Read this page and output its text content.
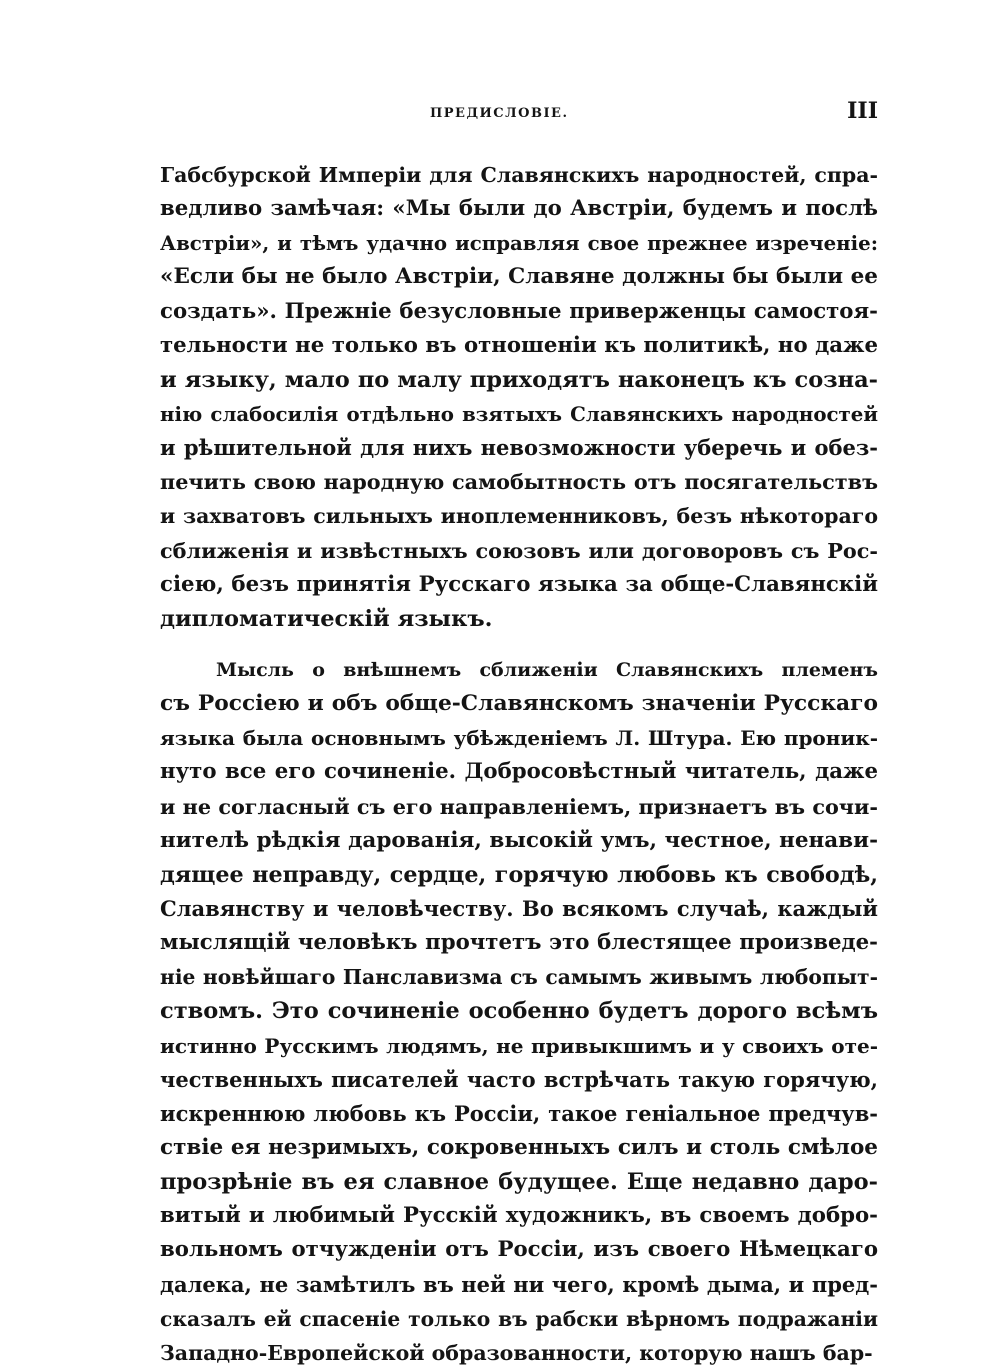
ПРЕДИСЛОВІЕ.	III
Габсбурской Имперіи для Славянскихъ народностей, спра-
ведливо замѣчая: «Мы были до Австріи, будемъ и послѣ
Австріи», и тѣмъ удачно исправляя свое прежнее изреченіе:
«Если бы не было Австріи, Славяне должны бы были ее
создать». Прежніе безусловные приверженцы самостоя-
тельности не только въ отношеніи къ политикѣ, но даже
и языку, мало по малу приходятъ наконецъ къ созна-
нію слабосилія отдѣльно взятыхъ Славянскихъ народностей
и рѣшительной для нихъ невозможности уберечь и обез-
печить свою народную самобытность отъ посягательствъ
и захватовъ сильныхъ иноплеменниковъ, безъ нѣкотораго
сближенія и извѣстныхъ союзовъ или договоровъ съ Рос-
сіею, безъ принятія Русскаго языка за обще-Славянскій
дипломатическій языкъ.
Мысль о внѣшнемъ сближеніи Славянскихъ племенъ
съ Россіею и объ обще-Славянскомъ значеніи Русскаго
языка была основнымъ убѣжденіемъ Л. Штура. Ею проник-
нуто все его сочиненіе. Добросовѣстный читатель, даже
и не согласный съ его направленіемъ, признаетъ въ сочи-
нителѣ рѣдкія дарованія, высокій умъ, честное, ненави-
дящее неправду, сердце, горячую любовь къ свободѣ,
Славянству и человѣчеству. Во всякомъ случаѣ, каждый
мыслящій человѣкъ прочтетъ это блестящее произведе-
ніе новѣйшаго Панславизма съ самымъ живымъ любопыт-
ствомъ. Это сочиненіе особенно будетъ дорого всѣмъ
истинно Русскимъ людямъ, не привыкшимъ и у своихъ оте-
чественныхъ писателей часто встрѣчать такую горячую,
искреннюю любовь къ Россіи, такое геніальное предчув-
ствіе ея незримыхъ, сокровенныхъ силъ и столь смѣлое
прозрѣніе въ ея славное будущее. Еще недавно даро-
витый и любимый Русскій художникъ, въ своемъ добро-
вольномъ отчужденіи отъ Россіи, изъ своего Нѣмецкаго
далека, не замѣтилъ въ ней ни чего, кромѣ дыма, и пред-
сказалъ ей спасеніе только въ рабски вѣрномъ подражаніи
Западно-Европейской образованности, которую нашъ бар-
